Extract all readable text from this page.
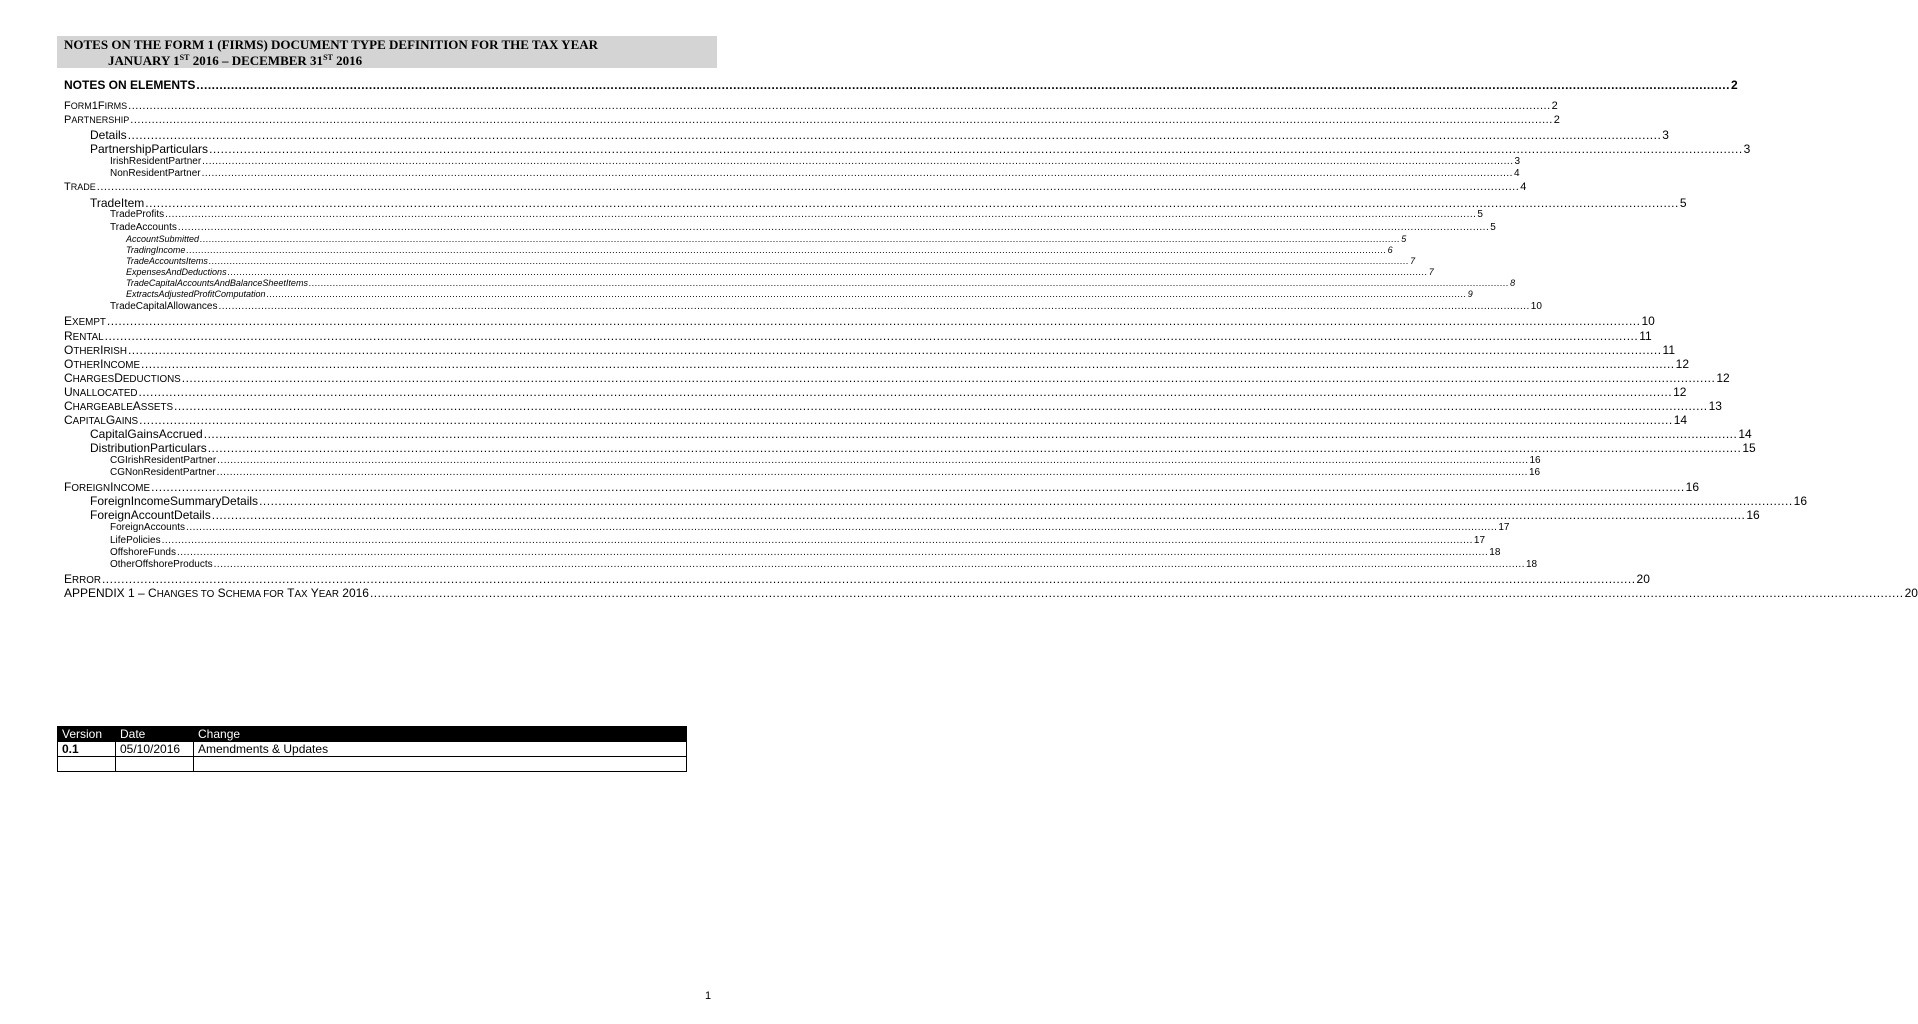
NOTES ON THE FORM 1 (FIRMS) DOCUMENT TYPE DEFINITION FOR THE TAX YEAR
JANUARY 1ST 2016 – DECEMBER 31ST 2016
NOTES ON ELEMENTS ................................................................................................................................................................................................................................................................................................................................................................................................................ 2
FORM1FIRMS ................................................................................................................................................................................................................................................................................................................................................................................................................ 2
PARTNERSHIP ................................................................................................................................................................................................................................................................................................................................................................................................................ 2
Details ................................................................................................................................................................................................................................................................................................................................................................................................................ 3
PartnershipParticulars ................................................................................................................................................................................................................................................................................................................................................................................................................ 3
IrishResidentPartner ................................................................................................................................................................................................................................................................................................................................................................................................................ 3
NonResidentPartner ................................................................................................................................................................................................................................................................................................................................................................................................................ 4
TRADE ................................................................................................................................................................................................................................................................................................................................................................................................................ 4
TradeItem ................................................................................................................................................................................................................................................................................................................................................................................................................ 5
TradeProfits ................................................................................................................................................................................................................................................................................................................................................................................................................ 5
TradeAccounts ................................................................................................................................................................................................................................................................................................................................................................................................................ 5
AccountSubmitted ................................................................................................................................................................................................................................................................................................................................................................................................................ 5
TradingIncome ................................................................................................................................................................................................................................................................................................................................................................................................................ 6
TradeAccountsItems ................................................................................................................................................................................................................................................................................................................................................................................................................ 7
ExpensesAndDeductions ................................................................................................................................................................................................................................................................................................................................................................................................................ 7
TradeCapitalAccountsAndBalanceSheetItems ................................................................................................................................................................................................................................................................................................................................................................................................................ 8
ExtractsAdjustedProfitComputation ................................................................................................................................................................................................................................................................................................................................................................................................................ 9
TradeCapitalAllowances ................................................................................................................................................................................................................................................................................................................................................................................................................ 10
EXEMPT ................................................................................................................................................................................................................................................................................................................................................................................................................ 10
RENTAL ................................................................................................................................................................................................................................................................................................................................................................................................................ 11
OTHERIRISH ................................................................................................................................................................................................................................................................................................................................................................................................................ 11
OTHERINCOME ................................................................................................................................................................................................................................................................................................................................................................................................................ 12
CHARGESDEDUCTIONS ................................................................................................................................................................................................................................................................................................................................................................................................................ 12
UNALLOCATED ................................................................................................................................................................................................................................................................................................................................................................................................................ 12
CHARGEABLEASSETS ................................................................................................................................................................................................................................................................................................................................................................................................................ 13
CAPITALGAINS ................................................................................................................................................................................................................................................................................................................................................................................................................ 14
CapitalGainsAccrued ................................................................................................................................................................................................................................................................................................................................................................................................................ 14
DistributionParticulars ................................................................................................................................................................................................................................................................................................................................................................................................................ 15
CGIrishResidentPartner ................................................................................................................................................................................................................................................................................................................................................................................................................ 16
CGNonResidentPartner ................................................................................................................................................................................................................................................................................................................................................................................................................ 16
FOREIGNINCOME ................................................................................................................................................................................................................................................................................................................................................................................................................ 16
ForeignIncomeSummaryDetails ................................................................................................................................................................................................................................................................................................................................................................................................................ 16
ForeignAccountDetails ................................................................................................................................................................................................................................................................................................................................................................................................................ 16
ForeignAccounts ................................................................................................................................................................................................................................................................................................................................................................................................................ 17
LifePolicies ................................................................................................................................................................................................................................................................................................................................................................................................................ 17
OffshoreFunds ................................................................................................................................................................................................................................................................................................................................................................................................................ 18
OtherOffshoreProducts ................................................................................................................................................................................................................................................................................................................................................................................................................ 18
ERROR ................................................................................................................................................................................................................................................................................................................................................................................................................ 20
APPENDIX 1 – CHANGES TO SCHEMA FOR TAX YEAR 2016 ................................................................................................................................................................................................................................................................................................................................................................................................................ 20
Version	Date	Change
0.1	05/10/2016	Amendments & Updates

1
